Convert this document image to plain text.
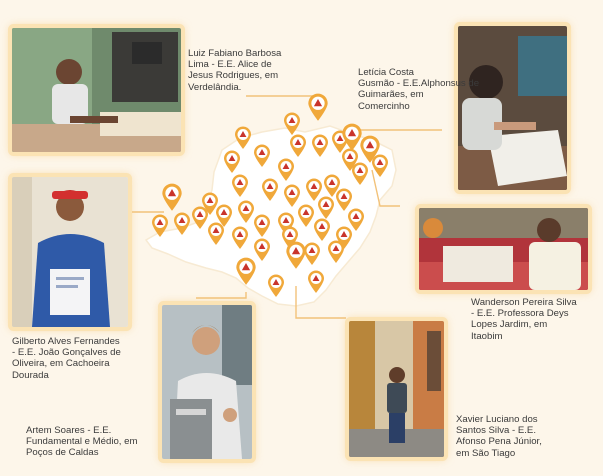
Luiz Fabiano Barbosa
Lima - E.E. Alice de
Jesus Rodrigues, em
Verdelândia.
Letícia Costa
Gusmão - E.E.Alphonsus de
Guimarães, em
Comercinho
Wanderson Pereira Silva
- E.E. Professora Deys
Lopes Jardim, em
Itaobim
Gilberto Alves Fernandes
- E.E. João Gonçalves de
Oliveira, em Cachoeira
Dourada
Artem Soares - E.E.
Fundamental e Médio, em
Poços de Caldas
Xavier Luciano dos
Santos Silva - E.E.
Afonso Pena Júnior,
em São Tiago
